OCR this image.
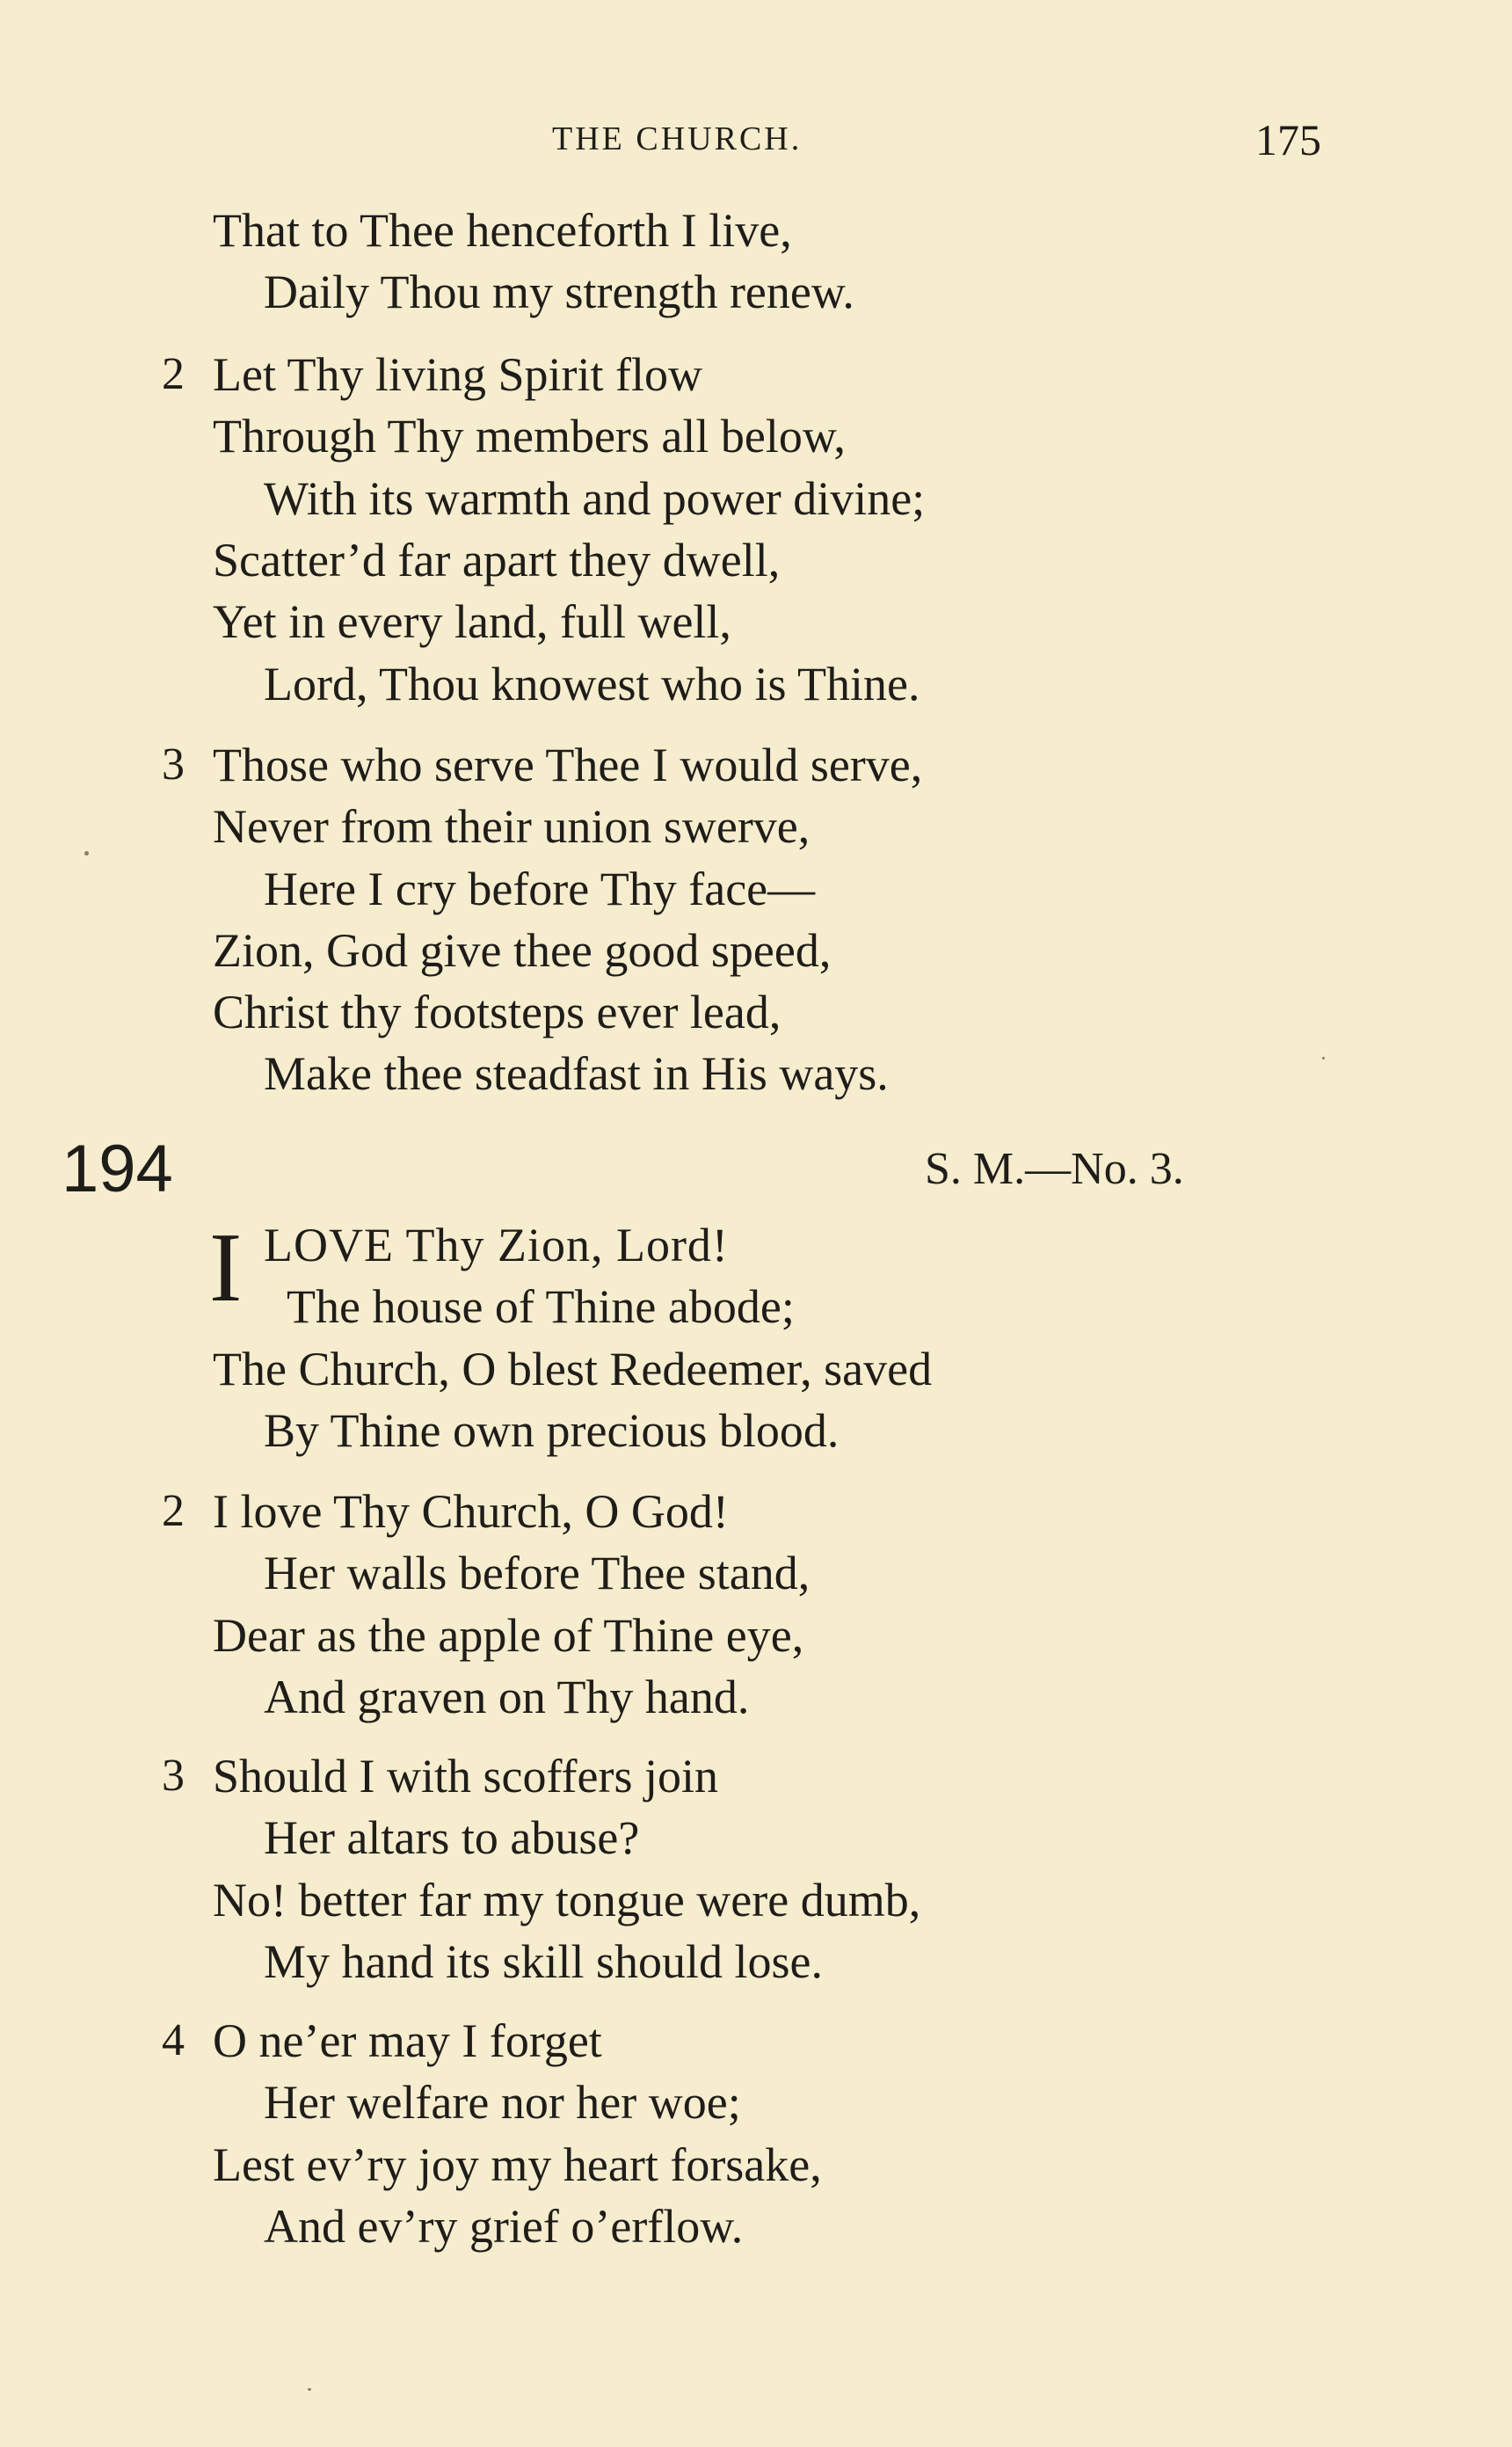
THE CHURCH.	175
That to Thee henceforth I live,
Daily Thou my strength renew.
2 Let Thy living Spirit flow
Through Thy members all below,
With its warmth and power divine;
Scatter’d far apart they dwell,
Yet in every land, full well,
Lord, Thou knowest who is Thine.
3 Those who serve Thee I would serve,
Never from their union swerve,
Here I cry before Thy face—
Zion, God give thee good speed,
Christ thy footsteps ever lead,
Make thee steadfast in His ways.
194	S. M.—No. 3.
I LOVE Thy Zion, Lord!
The house of Thine abode;
The Church, O blest Redeemer, saved
By Thine own precious blood.
2 I love Thy Church, O God!
Her walls before Thee stand,
Dear as the apple of Thine eye,
And graven on Thy hand.
3 Should I with scoffers join
Her altars to abuse?
No! better far my tongue were dumb,
My hand its skill should lose.
4 O ne’er may I forget
Her welfare nor her woe;
Lest ev’ry joy my heart forsake,
And ev’ry grief o’erflow.
